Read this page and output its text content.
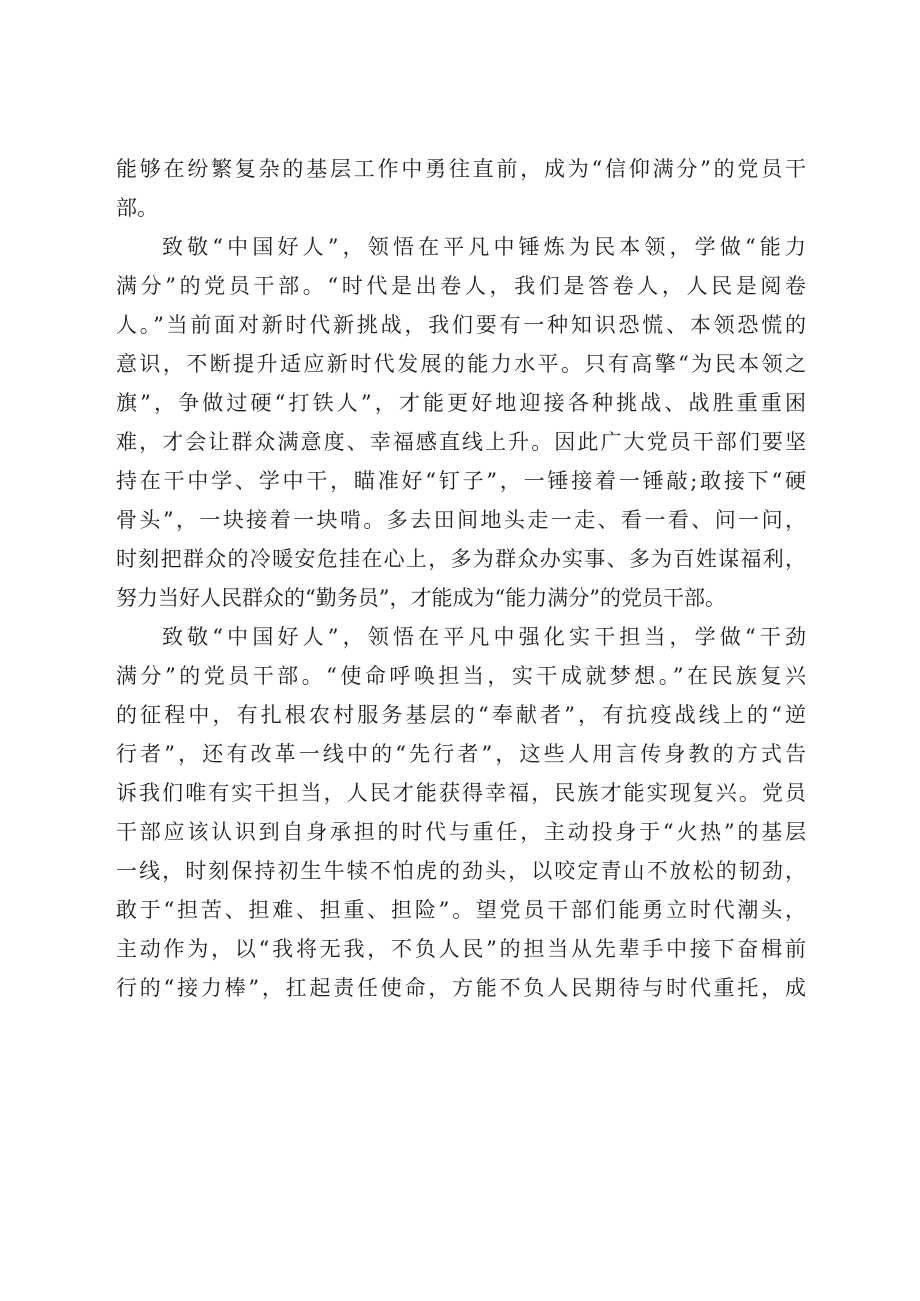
能够在纷繁复杂的基层工作中勇往直前，成为“信仰满分”的党员干
部。
致敬“中国好人”，领悟在平凡中锤炼为民本领，学做“能力
满分”的党员干部。“时代是出卷人，我们是答卷人，人民是阅卷
人。”当前面对新时代新挑战，我们要有一种知识恐慌、本领恐慌的
意识，不断提升适应新时代发展的能力水平。只有高擎“为民本领之
旗”，争做过硬“打铁人”，才能更好地迎接各种挑战、战胜重重困
难，才会让群众满意度、幸福感直线上升。因此广大党员干部们要坚
持在干中学、学中干，瞄准好“钉子”，一锤接着一锤敲;敢接下“硬
骨头”，一块接着一块啃。多去田间地头走一走、看一看、问一问，
时刻把群众的冷暖安危挂在心上，多为群众办实事、多为百姓谋福利，
努力当好人民群众的“勤务员”，才能成为“能力满分”的党员干部。
致敬“中国好人”，领悟在平凡中强化实干担当，学做“干劲
满分”的党员干部。“使命呼唤担当，实干成就梦想。”在民族复兴
的征程中，有扎根农村服务基层的“奉献者”，有抗疫战线上的“逆
行者”，还有改革一线中的“先行者”，这些人用言传身教的方式告
诉我们唯有实干担当，人民才能获得幸福，民族才能实现复兴。党员
干部应该认识到自身承担的时代与重任，主动投身于“火热”的基层
一线，时刻保持初生牛犊不怕虎的劲头，以咬定青山不放松的韧劲，
敢于“担苦、担难、担重、担险”。望党员干部们能勇立时代潮头，
主动作为，以“我将无我，不负人民”的担当从先辈手中接下奋楫前
行的“接力棒”，扛起责任使命，方能不负人民期待与时代重托，成
